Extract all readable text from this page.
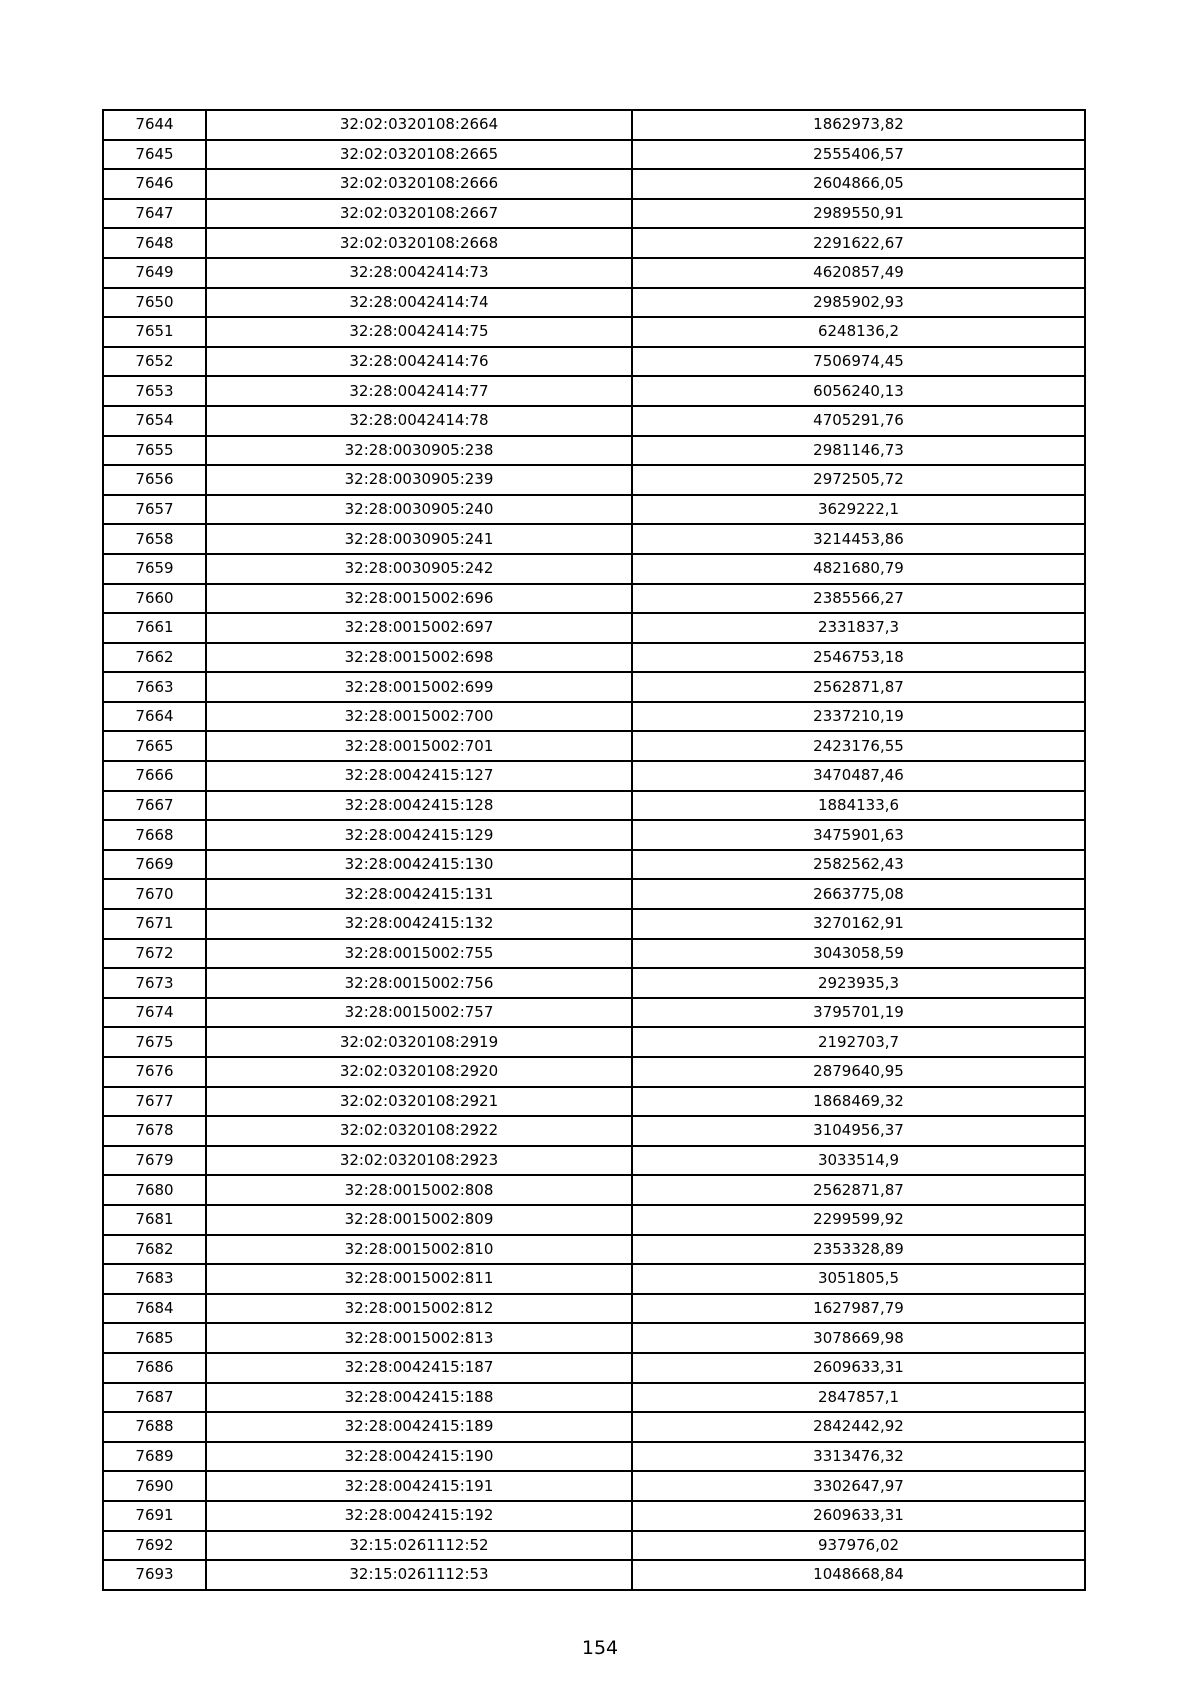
7644	32:02:0320108:2664	1862973,82
7645	32:02:0320108:2665	2555406,57
7646	32:02:0320108:2666	2604866,05
7647	32:02:0320108:2667	2989550,91
7648	32:02:0320108:2668	2291622,67
7649	32:28:0042414:73	4620857,49
7650	32:28:0042414:74	2985902,93
7651	32:28:0042414:75	6248136,2
7652	32:28:0042414:76	7506974,45
7653	32:28:0042414:77	6056240,13
7654	32:28:0042414:78	4705291,76
7655	32:28:0030905:238	2981146,73
7656	32:28:0030905:239	2972505,72
7657	32:28:0030905:240	3629222,1
7658	32:28:0030905:241	3214453,86
7659	32:28:0030905:242	4821680,79
7660	32:28:0015002:696	2385566,27
7661	32:28:0015002:697	2331837,3
7662	32:28:0015002:698	2546753,18
7663	32:28:0015002:699	2562871,87
7664	32:28:0015002:700	2337210,19
7665	32:28:0015002:701	2423176,55
7666	32:28:0042415:127	3470487,46
7667	32:28:0042415:128	1884133,6
7668	32:28:0042415:129	3475901,63
7669	32:28:0042415:130	2582562,43
7670	32:28:0042415:131	2663775,08
7671	32:28:0042415:132	3270162,91
7672	32:28:0015002:755	3043058,59
7673	32:28:0015002:756	2923935,3
7674	32:28:0015002:757	3795701,19
7675	32:02:0320108:2919	2192703,7
7676	32:02:0320108:2920	2879640,95
7677	32:02:0320108:2921	1868469,32
7678	32:02:0320108:2922	3104956,37
7679	32:02:0320108:2923	3033514,9
7680	32:28:0015002:808	2562871,87
7681	32:28:0015002:809	2299599,92
7682	32:28:0015002:810	2353328,89
7683	32:28:0015002:811	3051805,5
7684	32:28:0015002:812	1627987,79
7685	32:28:0015002:813	3078669,98
7686	32:28:0042415:187	2609633,31
7687	32:28:0042415:188	2847857,1
7688	32:28:0042415:189	2842442,92
7689	32:28:0042415:190	3313476,32
7690	32:28:0042415:191	3302647,97
7691	32:28:0042415:192	2609633,31
7692	32:15:0261112:52	937976,02
7693	32:15:0261112:53	1048668,84
154
